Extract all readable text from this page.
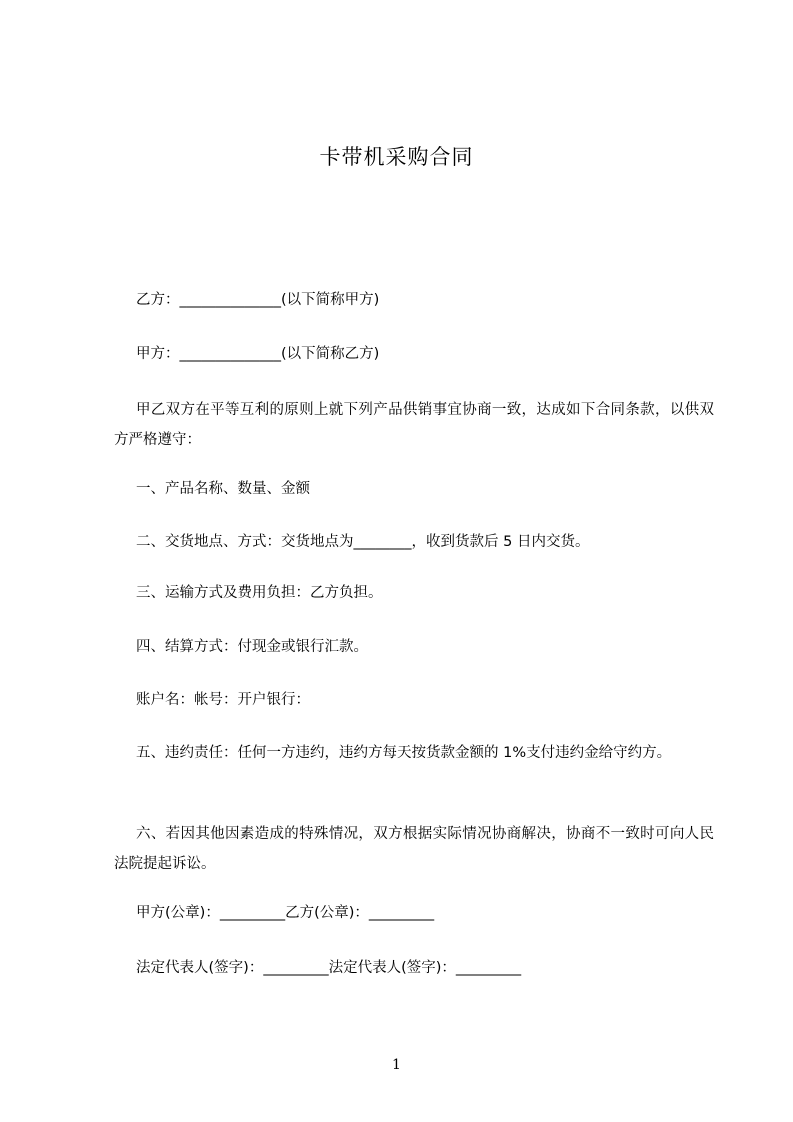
卡带机采购合同
乙方：______________(以下简称甲方)
甲方：______________(以下简称乙方)
甲乙双方在平等互利的原则上就下列产品供销事宜协商一致，达成如下合同条款，以供双方严格遵守：
一、产品名称、数量、金额
二、交货地点、方式：交货地点为________，收到货款后 5 日内交货。
三、运输方式及费用负担：乙方负担。
四、结算方式：付现金或银行汇款。
账户名：帐号：开户银行：
五、违约责任：任何一方违约，违约方每天按货款金额的 1%支付违约金给守约方。
六、若因其他因素造成的特殊情况，双方根据实际情况协商解决，协商不一致时可向人民法院提起诉讼。
甲方(公章)：_________乙方(公章)：_________
法定代表人(签字)：_________法定代表人(签字)：_________
1
